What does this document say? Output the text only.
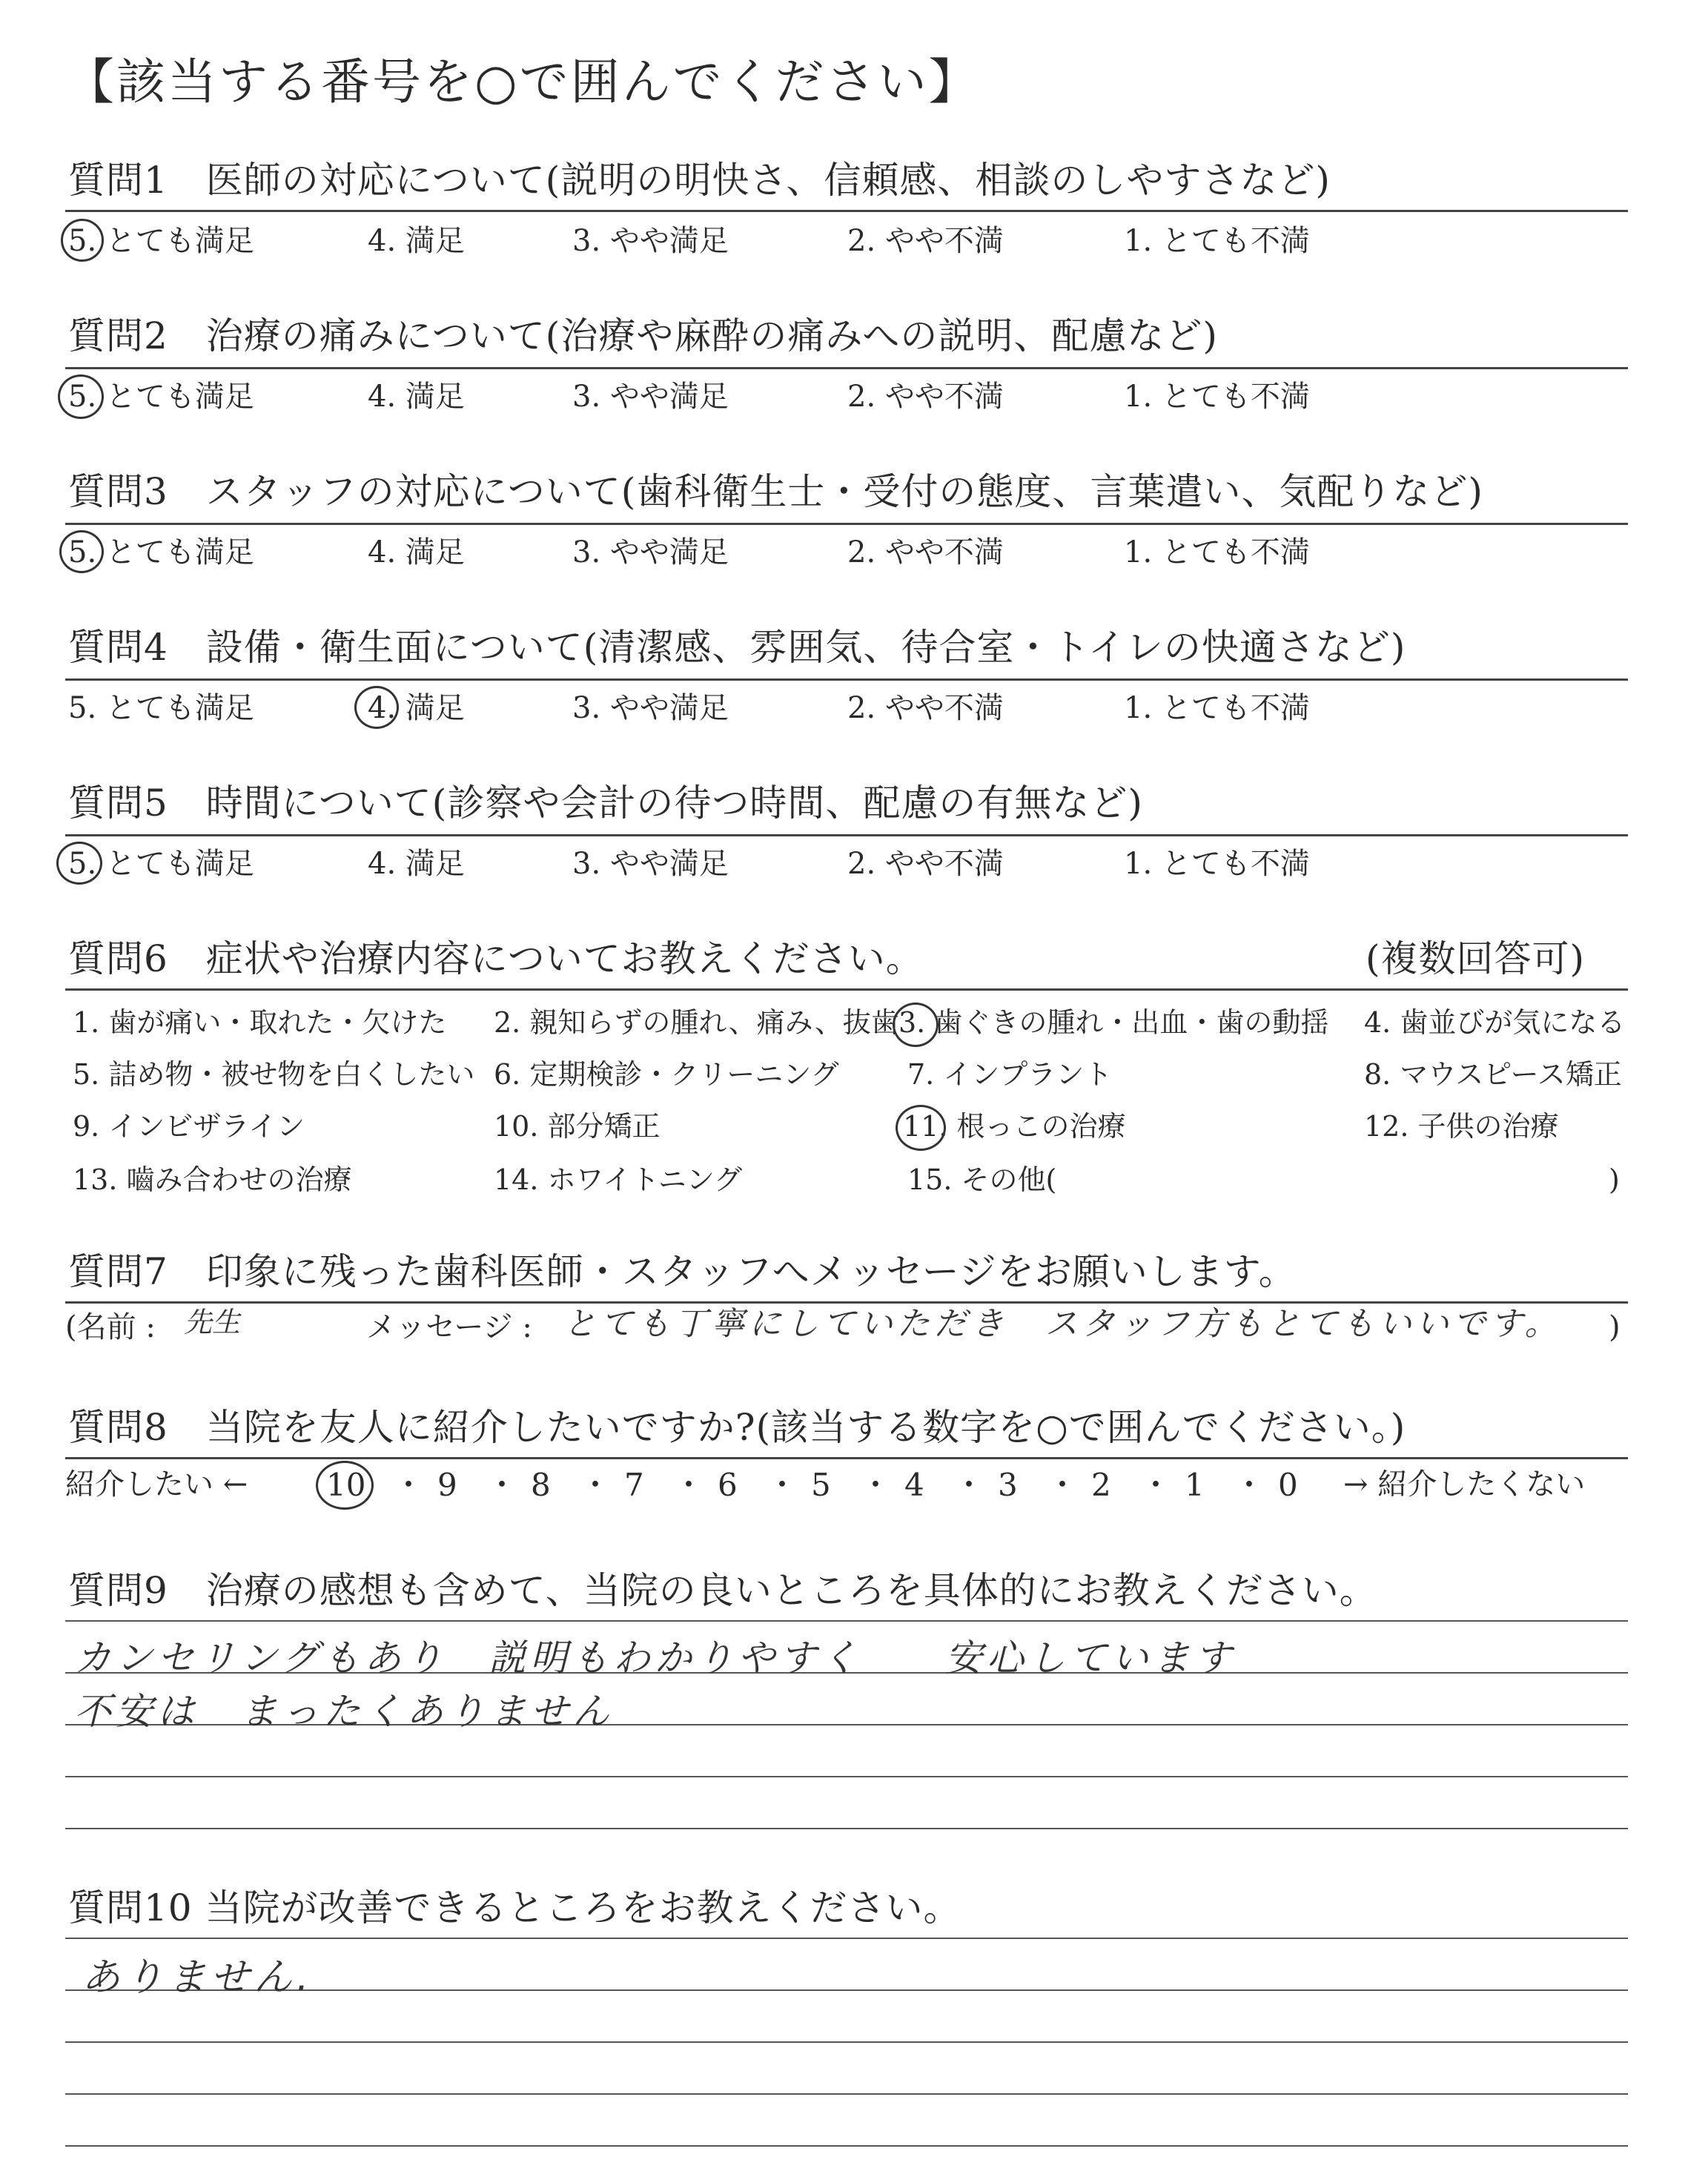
【該当する番号を○で囲んでください】
質問1　医師の対応について(説明の明快さ、信頼感、相談のしやすさなど)
5. とても満足	4. 満足	3. やや満足	2. やや不満	1. とても不満
質問2　治療の痛みについて(治療や麻酔の痛みへの説明、配慮など)
5. とても満足	4. 満足	3. やや満足	2. やや不満	1. とても不満
質問3　スタッフの対応について(歯科衛生士・受付の態度、言葉遣い、気配りなど)
5. とても満足	4. 満足	3. やや満足	2. やや不満	1. とても不満
質問4　設備・衛生面について(清潔感、雰囲気、待合室・トイレの快適さなど)
5. とても満足	4. 満足	3. やや満足	2. やや不満	1. とても不満
質問5　時間について(診察や会計の待つ時間、配慮の有無など)
5. とても満足	4. 満足	3. やや満足	2. やや不満	1. とても不満
質問6　症状や治療内容についてお教えください。	(複数回答可)
1. 歯が痛い・取れた・欠けた 2. 親知らずの腫れ、痛み、抜歯 3. 歯ぐきの腫れ・出血・歯の動揺 4. 歯並びが気になる
5. 詰め物・被せ物を白くしたい 6. 定期検診・クリーニング 7. インプラント	8. マウスピース矯正
9. インビザライン	10. 部分矯正	11. 根っこの治療	12. 子供の治療
13. 嚙み合わせの治療	14. ホワイトニング	15. その他(	)
質問7　印象に残った歯科医師・スタッフへメッセージをお願いします。
(名前 : 先生	メッセージ : とても丁寧にしていただき　スタッフ方もとてもいいです。 )
質問8　当院を友人に紹介したいですか?(該当する数字を○で囲んでください。)
紹介したい ←	→ 紹介したくない
10 ・ 9 ・ 8 ・ 7 ・ 6 ・ 5 ・ 4 ・ 3 ・ 2 ・ 1 ・ 0
質問9　治療の感想も含めて、当院の良いところを具体的にお教えください。
カンセリングもあり　説明もわかりやすく　　安心しています
不安は　まったくありません
質問10 当院が改善できるところをお教えください。
ありません.
